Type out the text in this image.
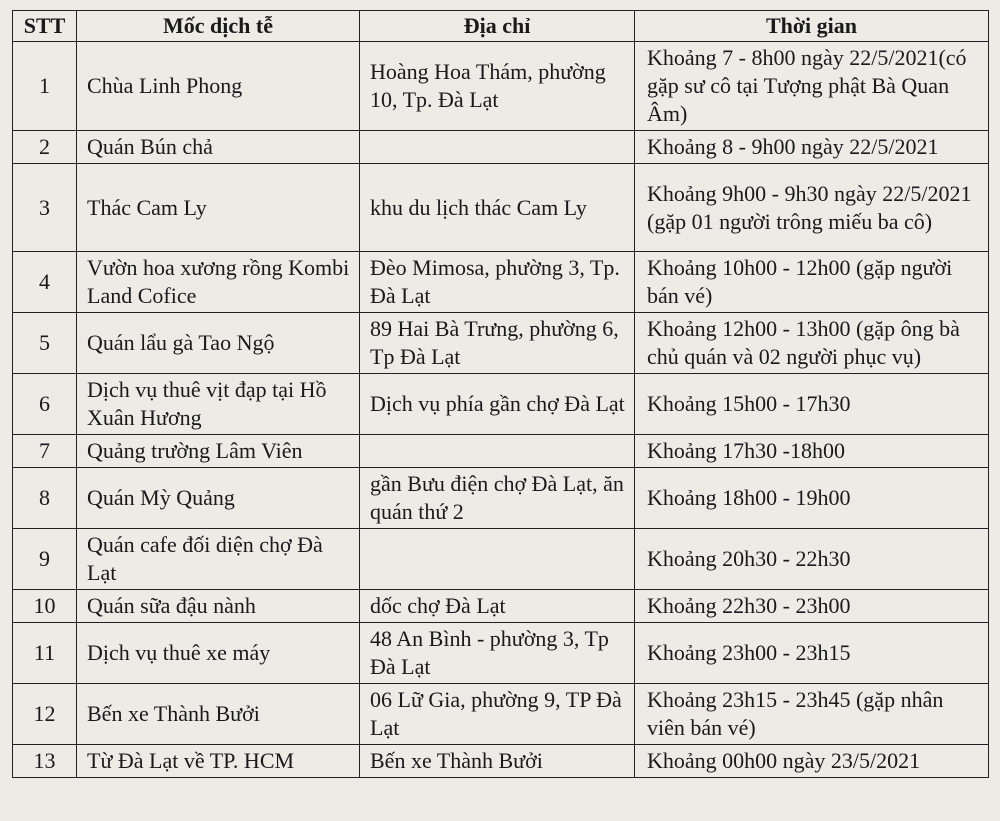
STT	Mốc dịch tễ	Địa chỉ	Thời gian
1	Chùa Linh Phong	Hoàng Hoa Thám, phường 10, Tp. Đà Lạt	Khoảng 7 - 8h00 ngày 22/5/2021(có gặp sư cô tại Tượng phật Bà Quan Âm)
2	Quán Bún chả		Khoảng 8 - 9h00 ngày 22/5/2021
3	Thác Cam Ly	khu du lịch thác Cam Ly	Khoảng 9h00 - 9h30 ngày 22/5/2021 (gặp 01 người trông miếu ba cô)
4	Vườn hoa xương rồng Kombi Land Cofice	Đèo Mimosa, phường 3, Tp. Đà Lạt	Khoảng 10h00 - 12h00 (gặp người bán vé)
5	Quán lẩu gà Tao Ngộ	89 Hai Bà Trưng, phường 6, Tp Đà Lạt	Khoảng 12h00 - 13h00 (gặp ông bà chủ quán và 02 người phục vụ)
6	Dịch vụ thuê vịt đạp tại Hồ Xuân Hương	Dịch vụ phía gần chợ Đà Lạt	Khoảng 15h00 - 17h30
7	Quảng trường Lâm Viên		Khoảng 17h30 -18h00
8	Quán Mỳ Quảng	gần Bưu điện chợ Đà Lạt, ăn quán thứ 2	Khoảng 18h00 - 19h00
9	Quán cafe đối diện chợ Đà Lạt		Khoảng 20h30 - 22h30
10	Quán sữa đậu nành	dốc chợ Đà Lạt	Khoảng 22h30 - 23h00
11	Dịch vụ thuê xe máy	48 An Bình - phường 3, Tp Đà Lạt	Khoảng 23h00 - 23h15
12	Bến xe Thành Bưởi	06 Lữ Gia, phường 9, TP Đà Lạt	Khoảng 23h15 - 23h45 (gặp nhân viên bán vé)
13	Từ Đà Lạt về TP. HCM	Bến xe Thành Bưởi	Khoảng 00h00 ngày 23/5/2021
